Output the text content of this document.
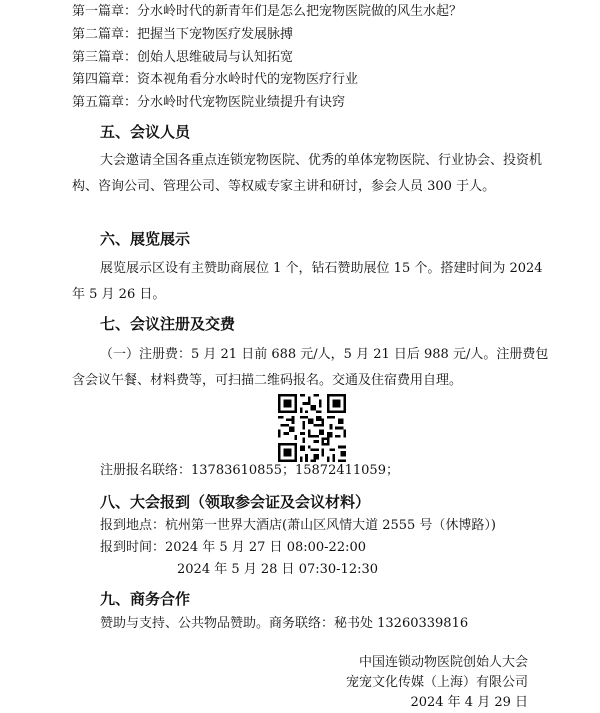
第一篇章：分水岭时代的新青年们是怎么把宠物医院做的风生水起？
第二篇章：把握当下宠物医疗发展脉搏
第三篇章：创始人思维破局与认知拓宽
第四篇章：资本视角看分水岭时代的宠物医疗行业
第五篇章：分水岭时代宠物医院业绩提升有诀窍
五、会议人员
大会邀请全国各重点连锁宠物医院、优秀的单体宠物医院、行业协会、投资机构、咨询公司、管理公司、等权威专家主讲和研讨，参会人员 300 于人。
六、展览展示
展览展示区设有主赞助商展位 1 个，钻石赞助展位 15 个。搭建时间为 2024 年 5 月 26 日。
七、会议注册及交费
（一）注册费：5 月 21 日前 688 元/人，5 月 21 日后 988 元/人。注册费包含会议午餐、材料费等，可扫描二维码报名。交通及住宿费用自理。
注册报名联络：13783610855；15872411059；
八、大会报到（领取参会证及会议材料）
报到地点：杭州第一世界大酒店(萧山区风情大道 2555 号（休博路）)
报到时间：2024 年 5 月 27 日 08:00-22:00
2024 年 5 月 28 日 07:30-12:30
九、商务合作
赞助与支持、公共物品赞助。商务联络：秘书处 13260339816
中国连锁动物医院创始人大会
宠宠文化传媒（上海）有限公司
2024 年 4 月 29 日
